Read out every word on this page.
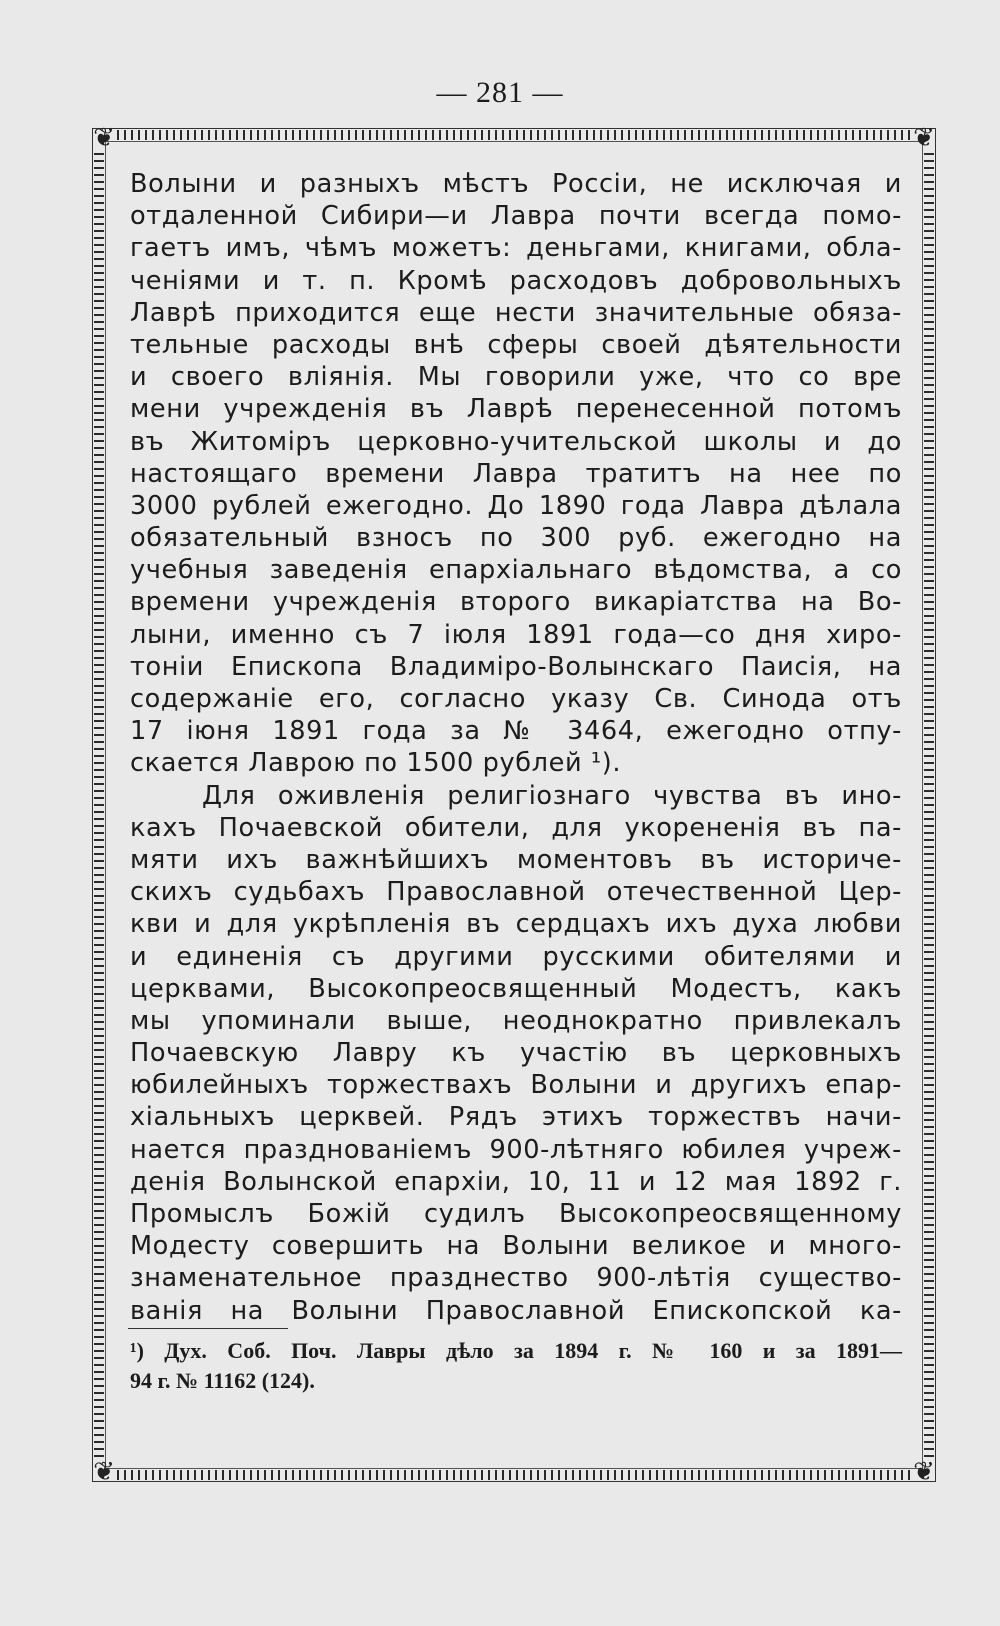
— 281 —
❦	❦
❦	❦
Волыни и разныхъ мѣстъ Россіи, не исключая и
отдаленной Сибири—и Лавра почти всегда помо-
гаетъ имъ, чѣмъ можетъ: деньгами, книгами, обла-
ченіями и т. п. Кромѣ расходовъ добровольныхъ
Лаврѣ приходится еще нести значительные обяза-
тельные расходы внѣ сферы своей дѣятельности
и своего вліянія. Мы говорили уже, что со вре
мени учрежденія въ Лаврѣ перенесенной потомъ
въ Житоміръ церковно-учительской школы и до
настоящаго времени Лавра тратитъ на нее по
3000 рублей ежегодно. До 1890 года Лавра дѣлала
обязательный взносъ по 300 руб. ежегодно на
учебныя заведенія епархіальнаго вѣдомства, а со
времени учрежденія второго викаріатства на Во-
лыни, именно съ 7 іюля 1891 года—со дня хиро-
тоніи Епископа Владиміро-Волынскаго Паисія, на
содержаніе его, согласно указу Св. Синода отъ
17 іюня 1891 года за № 3464, ежегодно отпу-
скается Лаврою по 1500 рублей ¹).
Для оживленія религіознаго чувства въ ино-
кахъ Почаевской обители, для укорененія въ па-
мяти ихъ важнѣйшихъ моментовъ въ историче-
скихъ судьбахъ Православной отечественной Цер-
кви и для укрѣпленія въ сердцахъ ихъ духа любви
и единенія съ другими русскими обителями и
церквами, Высокопреосвященный Модестъ, какъ
мы упоминали выше, неоднократно привлекалъ
Почаевскую Лавру къ участію въ церковныхъ
юбилейныхъ торжествахъ Волыни и другихъ епар-
хіальныхъ церквей. Рядъ этихъ торжествъ начи-
нается празднованіемъ 900-лѣтняго юбилея учреж-
денія Волынской епархіи, 10, 11 и 12 мая 1892 г.
Промыслъ Божій судилъ Высокопреосвященному
Модесту совершить на Волыни великое и много-
знаменательное празднество 900-лѣтія существо-
ванія на Волыни Православной Епископской ка-
¹) Дух. Соб. Поч. Лавры дѣло за 1894 г. № 160 и за 1891—
94 г. № 11162 (124).
